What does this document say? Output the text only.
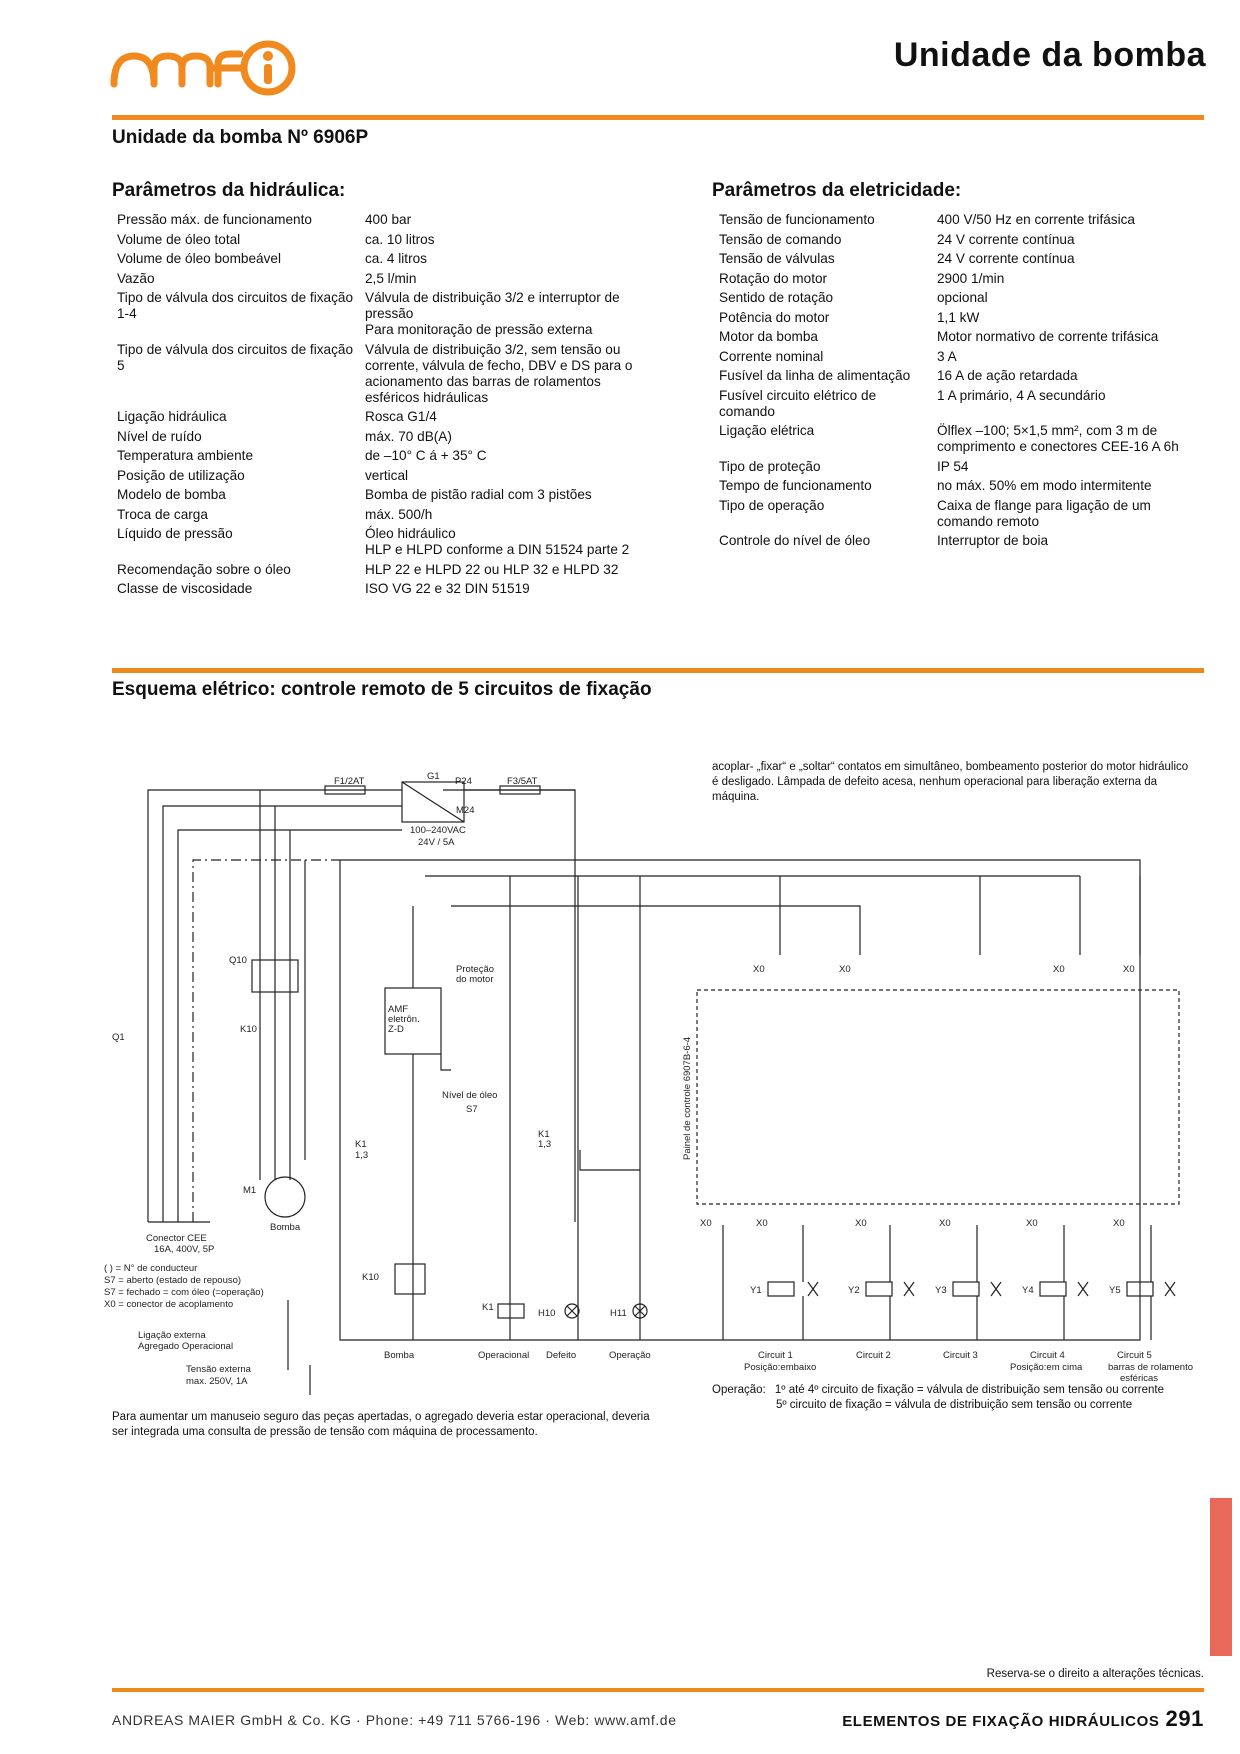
Unidade da bomba
Unidade da bomba Nº 6906P
Parâmetros da hidráulica:	Parâmetros da eletricidade:
Pressão máx. de funcionamento	400 bar
Volume de óleo total	ca. 10 litros
Volume de óleo bombeável	ca. 4 litros
Vazão	2,5 l/min
Tipo de válvula dos circuitos de fixação 1-4	Válvula de distribuição 3/2 e interruptor de pressão
Para monitoração de pressão externa
Tipo de válvula dos circuitos de fixação 5	Válvula de distribuição 3/2, sem tensão ou corrente, válvula de fecho, DBV e DS para o acionamento das barras de rolamentos esféricos hidráulicas
Ligação hidráulica	Rosca G1/4
Nível de ruído	máx. 70 dB(A)
Temperatura ambiente	de –10° C á + 35° C
Posição de utilização	vertical
Modelo de bomba	Bomba de pistão radial com 3 pistões
Troca de carga	máx. 500/h
Líquido de pressão	Óleo hidráulico
HLP e HLPD conforme a DIN 51524 parte 2
Recomendação sobre o óleo	HLP 22 e HLPD 22 ou HLP 32 e HLPD 32
Classe de viscosidade	ISO VG 22 e 32 DIN 51519
Tensão de funcionamento	400 V/50 Hz en corrente trifásica
Tensão de comando	24 V corrente contínua
Tensão de válvulas	24 V corrente contínua
Rotação do motor	2900 1/min
Sentido de rotação	opcional
Potência do motor	1,1 kW
Motor da bomba	Motor normativo de corrente trifásica
Corrente nominal	3 A
Fusível da linha de alimentação	16 A de ação retardada
Fusível circuito elétrico de comando	1 A primário, 4 A secundário
Ligação elétrica	Ölflex –100; 5×1,5 mm², com 3 m de comprimento e conectores CEE-16 A 6h
Tipo de proteção	IP 54
Tempo de funcionamento	no máx. 50% em modo intermitente
Tipo de operação	Caixa de flange para ligação de um comando remoto
Controle do nível de óleo	Interruptor de boia
Esquema elétrico: controle remoto de 5 circuitos de fixação
acoplar- „fixar“ e „soltar“ contatos em simultâneo, bombeamento posterior do motor hidráulico é desligado. Lâmpada de defeito acesa, nenhum operacional para liberação externa da máquina.
F1/2AT	G1 P24	F3/5AT
M24
100–240VAC
24V / 5A
Q1
Q10
K10
M1
K1
1,3
Proteção
do motor
AMF
eletrôn.
Z-D
Nível de óleo
S7
K1
1,3
K10
K1
H10	H11
Bomba
Conector CEE
16A, 400V, 5P
( ) = N° de conducteur
S7 = aberto (estado de repouso)
S7 = fechado = com óleo (=operação)
X0 = conector de acoplamento
Ligação externa
Agregado Operacional
Tensão externa
max. 250V, 1A
Bomba	Operacional Defeito	Operação	Circuit 1
Posição:embaixo
Circuit 2	Circuit 3	Circuit 4
Posição:em cima
Circuit 5
barras de rolamento
esféricas
Y1	Y2	Y3	Y4	Y5
X0	X0	X0	X0
X0	X0	X0	X0	X0	X0
Painel de controle 6907B-6-4
Operação: 1º até 4º circuito de fixação = válvula de distribuição sem tensão ou corrente
5º circuito de fixação = válvula de distribuição sem tensão ou corrente
Para aumentar um manuseio seguro das peças apertadas, o agregado deveria estar operacional, deveria ser integrada uma consulta de pressão de tensão com máquina de processamento.
Reserva-se o direito a alterações técnicas.
ANDREAS MAIER GmbH & Co. KG · Phone: +49 711 5766-196 · Web: www.amf.de	ELEMENTOS DE FIXAÇÃO HIDRÁULICOS 291
